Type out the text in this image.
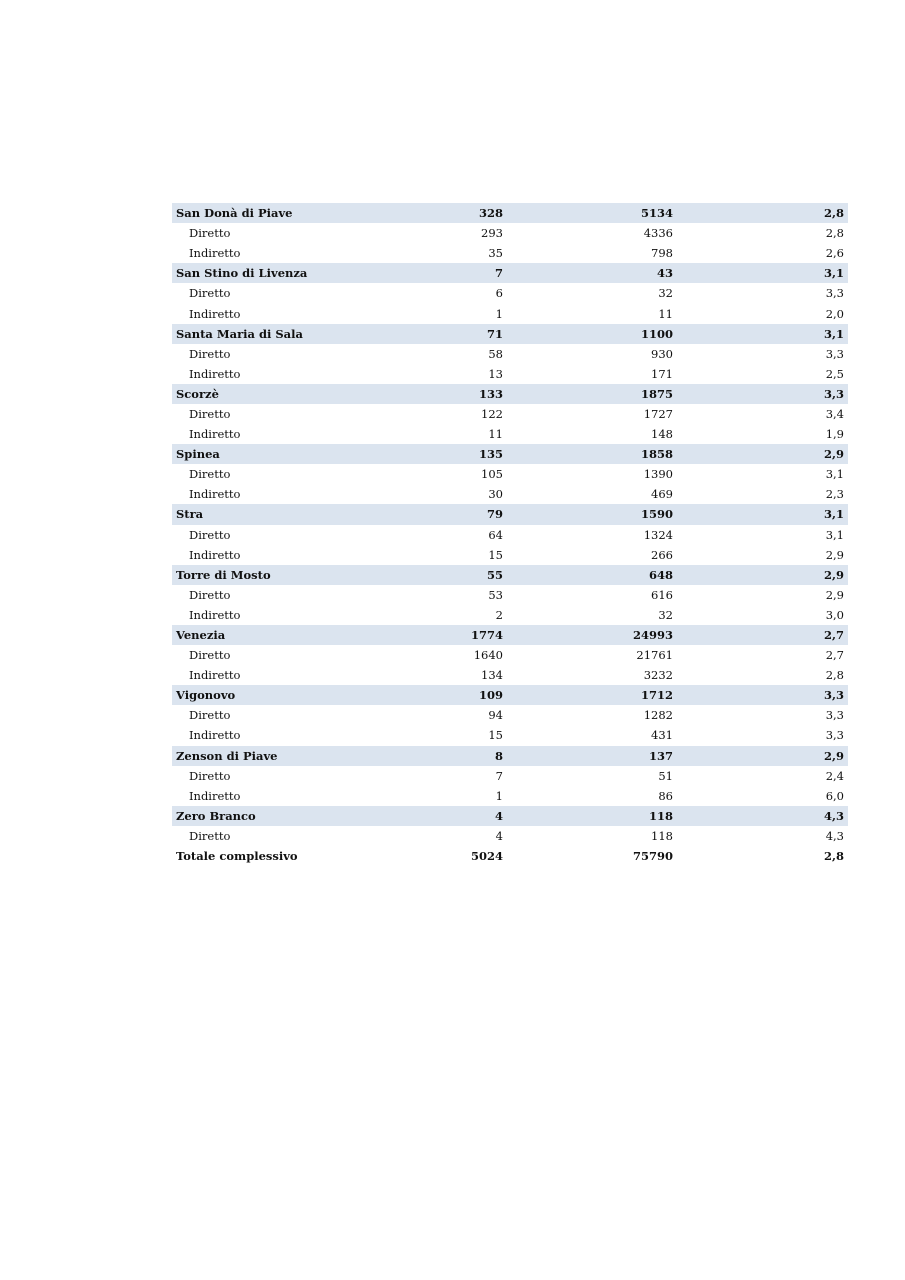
San Donà di Piave	328	5134	2,8
Diretto	293	4336	2,8
Indiretto	35	798	2,6
San Stino di Livenza	7	43	3,1
Diretto	6	32	3,3
Indiretto	1	11	2,0
Santa Maria di Sala	71	1100	3,1
Diretto	58	930	3,3
Indiretto	13	171	2,5
Scorzè	133	1875	3,3
Diretto	122	1727	3,4
Indiretto	11	148	1,9
Spinea	135	1858	2,9
Diretto	105	1390	3,1
Indiretto	30	469	2,3
Stra	79	1590	3,1
Diretto	64	1324	3,1
Indiretto	15	266	2,9
Torre di Mosto	55	648	2,9
Diretto	53	616	2,9
Indiretto	2	32	3,0
Venezia	1774	24993	2,7
Diretto	1640	21761	2,7
Indiretto	134	3232	2,8
Vigonovo	109	1712	3,3
Diretto	94	1282	3,3
Indiretto	15	431	3,3
Zenson di Piave	8	137	2,9
Diretto	7	51	2,4
Indiretto	1	86	6,0
Zero Branco	4	118	4,3
Diretto	4	118	4,3
Totale complessivo	5024	75790	2,8
